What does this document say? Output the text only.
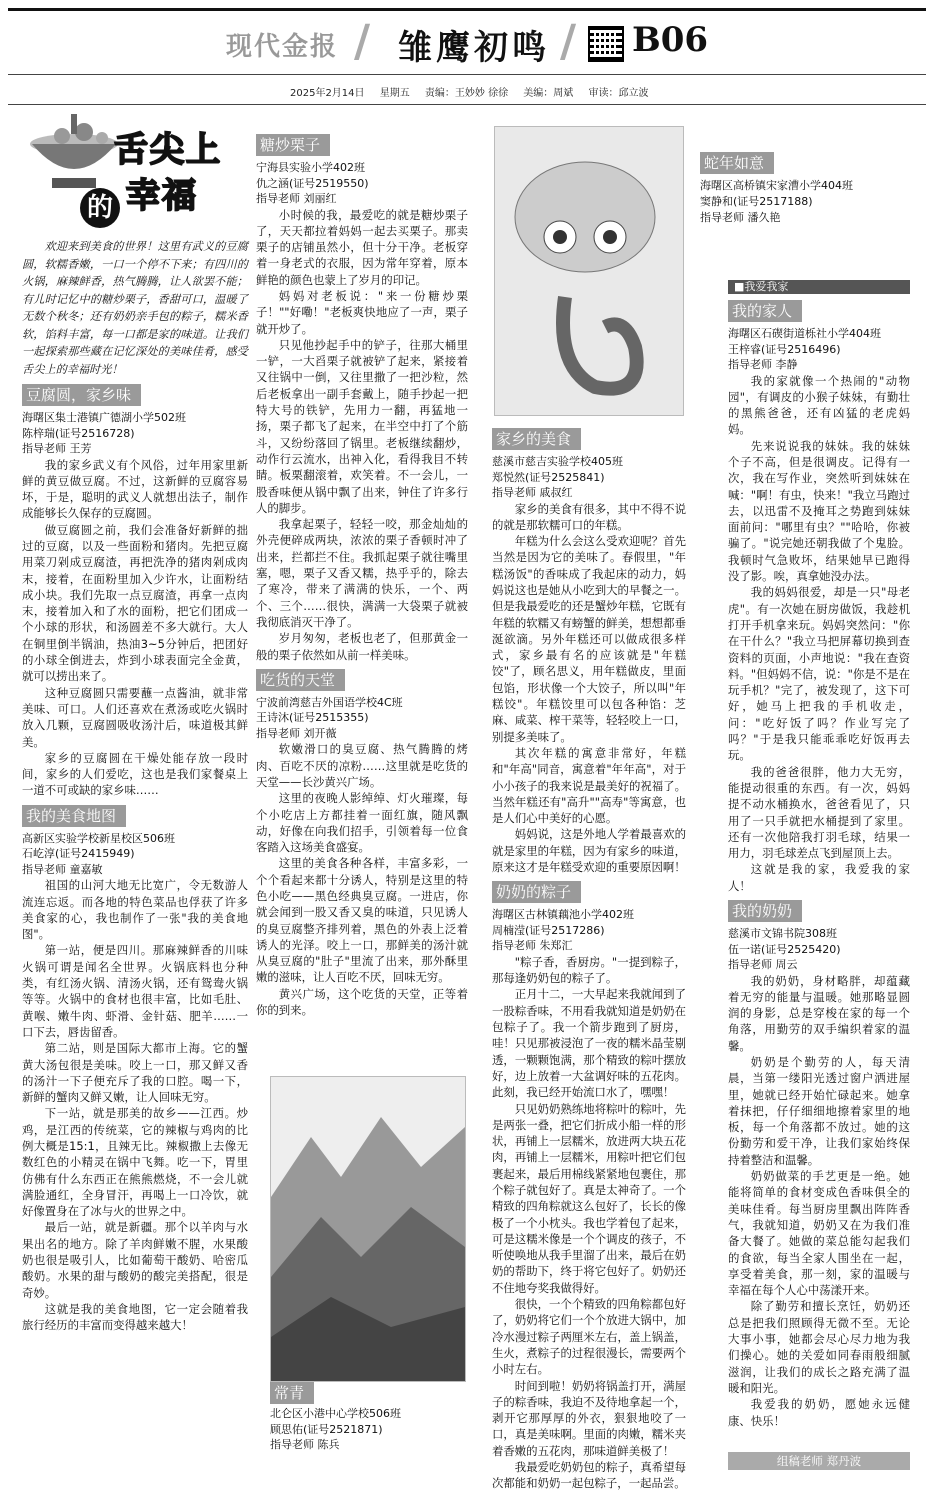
现代金报 / 雏鹰初鸣 / B06
2025年2月14日 星期五 责编：王妙妙 徐徐 美编：周斌 审读：邱立波
舌尖上
的 幸福

欢迎来到美食的世界！这里有武义的豆腐圆，软糯香嫩，一口一个停不下来；有四川的火锅，麻辣鲜香，热气腾腾，让人欲罢不能；有儿时记忆中的糖炒栗子，香甜可口，温暖了无数个秋冬；还有奶奶亲手包的粽子，糯米香软，馅料丰富，每一口都是家的味道。让我们一起探索那些藏在记忆深处的美味佳肴，感受舌尖上的幸福时光！

豆腐圆，家乡味
海曙区集士港镇广德湖小学502班
陈梓瑞(证号2516728)
指导老师 王芳

我的家乡武义有个风俗，过年用家里新鲜的黄豆做豆腐。不过，这新鲜的豆腐容易坏，于是，聪明的武义人就想出法子，制作成能够长久保存的豆腐圆。

做豆腐圆之前，我们会准备好新鲜的拙过的豆腐，以及一些面粉和猪肉。先把豆腐用菜刀剁成豆腐渣，再把洗净的猪肉剁成肉末，接着，在面粉里加入少许水，让面粉结成小块。我们先取一点豆腐渣，再拿一点肉末，接着加入和了水的面粉，把它们团成一个小球的形状，和汤圆差不多大就行。大人在铜里倒半锅油，热油3~5分钟后，把团好的小球全倒进去，炸到小球表面完全金黄，就可以捞出来了。

这种豆腐圆只需要蘸一点酱油，就非常美味、可口。人们还喜欢在煮汤或吃火锅时放入几颗，豆腐圆吸收汤汁后，味道极其鲜美。

家乡的豆腐圆在干燥处能存放一段时间，家乡的人们爱吃，这也是我们家餐桌上一道不可或缺的家乡味……

我的美食地图
高新区实验学校新星校区506班
石屹淳(证号2415949)
指导老师 童嘉敏

祖国的山河大地无比宽广，令无数游人流连忘返。而各地的特色菜品也俘获了许多美食家的心，我也制作了一张"我的美食地图"。

第一站，便是四川。那麻辣鲜香的川味火锅可谓是闻名全世界。火锅底料也分种类，有红汤火锅、清汤火锅，还有鸳鸯火锅等等。火锅中的食材也很丰富，比如毛肚、黄喉、嫩牛肉、虾滑、金针菇、肥羊……一口下去，唇齿留香。

第二站，则是国际大都市上海。它的蟹黄大汤包很是美味。咬上一口，那又鲜又香的汤汁一下子便充斥了我的口腔。喝一下，新鲜的蟹肉又鲜又嫩，让人回味无穷。

下一站，就是那美的故乡——江西。炒鸡，是江西的传统菜，它的辣椒与鸡肉的比例大概是15:1，且辣无比。辣椒撒上去像无数红色的小精灵在锅中飞舞。吃一下，胃里仿佛有什么东西正在熊熊燃烧，不一会儿就满脸通红，全身冒汗，再喝上一口冷饮，就好像置身在了冰与火的世界之中。

最后一站，就是新疆。那个以羊肉与水果出名的地方。除了羊肉鲜嫩不腥，水果酸奶也很是吸引人，比如葡萄干酸奶、哈密瓜酸奶。水果的甜与酸奶的酸完美搭配，很是奇妙。

这就是我的美食地图，它一定会随着我旅行经历的丰富而变得越来越大！

糖炒栗子
宁海县实验小学402班
仇之涵(证号2519550)
指导老师 刘丽红

小时候的我，最爱吃的就是糖炒栗子了，天天都拉着妈妈一起去买栗子。那卖栗子的店铺虽然小，但十分干净。老板穿着一身老式的衣服，因为常年穿着，原本鲜艳的颜色也蒙上了岁月的印记。

妈妈对老板说："来一份糖炒栗子！""好嘞！"老板爽快地应了一声，栗子就开炒了。

只见他抄起手中的铲子，往那大桶里一铲，一大舀栗子就被铲了起来，紧接着又往锅中一倒，又往里撒了一把沙粒，然后老板拿出一副手套戴上，随手抄起一把特大号的铁铲，先用力一翻，再猛地一扬，栗子都飞了起来，在半空中打了个筋斗，又纷纷落回了锅里。老板继续翻炒，动作行云流水，出神入化，看得我目不转睛。板栗翻滚着，欢笑着。不一会儿，一股香味便从锅中飘了出来，钟住了许多行人的脚步。

我拿起栗子，轻轻一咬，那金灿灿的外壳便碎成两块，浓浓的栗子香顿时冲了出来，拦都拦不住。我抓起栗子就往嘴里塞，嗯，栗子又香又糯，热乎乎的，除去了寒冷，带来了满满的快乐，一个、两个、三个……很快，满满一大袋栗子就被我彻底消灭干净了。

岁月匆匆，老板也老了，但那黄金一般的栗子依然如从前一样美味。

吃货的天堂
宁波前湾慈吉外国语学校4C班
王诗沐(证号2515355)
指导老师 刘开薇

软嫩滑口的臭豆腐、热气腾腾的烤肉、百吃不厌的凉粉……这里就是吃货的天堂——长沙黄兴广场。

这里的夜晚人影绰绰、灯火璀璨，每个小吃店上方都挂着一面红旗，随风飘动，好像在向我们招手，引领着每一位食客踏入这场美食盛宴。

这里的美食各种各样，丰富多彩，一个个看起来都十分诱人，特别是这里的特色小吃——黑色经典臭豆腐。一进店，你就会闻到一股又香又臭的味道，只见诱人的臭豆腐整齐排列着，黑色的外表上泛着诱人的光泽。咬上一口，那鲜美的汤汁就从臭豆腐的"肚子"里流了出来，那外酥里嫩的滋味，让人百吃不厌，回味无穷。

黄兴广场，这个吃货的天堂，正等着你的到来。

常青
北仑区小港中心学校506班
顾思佑(证号2521871)
指导老师 陈兵
家乡的美食
慈溪市慈吉实验学校405班
郑悦然(证号2525841)
指导老师 戚叔红

家乡的美食有很多，其中不得不说的就是那软糯可口的年糕。

年糕为什么会这么受欢迎呢？首先当然是因为它的美味了。春假里，"年糕汤饭"的香味成了我起床的动力，妈妈说这也是她从小吃到大的早餐之一。但是我最爱吃的还是蟹炒年糕，它既有年糕的软糯又有螃蟹的鲜美，想想都垂涎欲滴。另外年糕还可以做成很多样式，家乡最有名的应该就是"年糕饺"了，顾名思义，用年糕做皮，里面包馅，形状像一个大饺子，所以叫"年糕饺"。年糕饺里可以包各种馅：芝麻、咸菜、榨干菜等，轻轻咬上一口，别提多美味了。

其次年糕的寓意非常好，年糕和"年高"同音，寓意着"年年高"，对于小小孩子的我来说是最美好的祝福了。当然年糕还有"高升""高寿"等寓意，也是人们心中美好的心愿。

妈妈说，这是外地人学着最喜欢的就是家里的年糕，因为有家乡的味道，原来这才是年糕受欢迎的重要原因啊！

奶奶的粽子
海曙区古林镇藕池小学402班
周楠滢(证号2517286)
指导老师 朱郑汇

"粽子香，香厨房。"一提到粽子，那每逢奶奶包的粽子了。

正月十二，一大早起来我就闻到了一股粽香味，不用看我就知道是奶奶在包粽子了。我一个箭步跑到了厨房，哇！只见那被浸泡了一夜的糯米晶莹剔透，一颗颗饱满，那个精致的粽叶摆放好，边上放着一大盆调好味的五花肉。此刻，我已经开始流口水了，嘿嘿！

只见奶奶熟练地将粽叶的粽叶，先是两张一叠，把它们折成小船一样的形状，再铺上一层糯米，放进两大块五花肉，再铺上一层糯米，用粽叶把它们包裹起来，最后用棉线紧紧地包裹住，那个粽子就包好了。真是太神奇了。一个精致的四角粽就这么包好了，长长的像极了一个小枕头。我也学着包了起来，可是这糯米像是一个个调皮的孩子，不听使唤地从我手里溜了出来，最后在奶奶的帮助下，终于将它包好了。奶奶还不住地夸奖我做得好。

很快，一个个精致的四角粽都包好了，奶奶将它们一个个放进大锅中，加冷水漫过粽子两厘米左右，盖上锅盖，生火，煮粽子的过程很漫长，需要两个小时左右。

时间到啦！奶奶将锅盖打开，满屋子的粽香味，我迫不及待地拿起一个，剥开它那厚厚的外衣，狠狠地咬了一口，真是美味啊。里面的肉嫩，糯米夹着香嫩的五花肉，那味道鲜美极了！

我最爱吃奶奶包的粽子，真希望每次都能和奶奶一起包粽子，一起品尝。

蛇年如意
海曙区高桥镇宋家漕小学404班
窦静和(证号2517188)
指导老师 潘久艳
■我爱我家
我的家人
海曙区石碶街道栎社小学404班
王梓睿(证号2516496)
指导老师 李静

我的家就像一个热闹的"动物园"，有调皮的小猴子妹妹，有勤壮的黑熊爸爸，还有凶猛的老虎妈妈。

先来说说我的妹妹。我的妹妹个子不高，但是很调皮。记得有一次，我在写作业，突然听到妹妹在喊："啊！有虫，快来！"我立马跑过去，以迅雷不及掩耳之势跑到妹妹面前问："哪里有虫？""哈哈，你被骗了。"说完她还朝我做了个鬼脸。我顿时气急败坏，结果她早已跑得没了影。唉，真拿她没办法。

我的妈妈很爱，却是一只"母老虎"。有一次她在厨房做饭，我趁机打开手机拿来玩。妈妈突然问："你在干什么？"我立马把屏幕切换到查资料的页面，小声地说："我在查资料。"但妈妈不信，说："你是不是在玩手机？"完了，被发现了，这下可好，她马上把我的手机收走，问："吃好饭了吗？作业写完了吗？"于是我只能乖乖吃好饭再去玩。

我的爸爸很胖，他力大无穷，能提动很重的东西。有一次，妈妈提不动水桶换水，爸爸看见了，只用了一只手就把水桶提到了家里。还有一次他陪我打羽毛球，结果一用力，羽毛球差点飞到屋顶上去。

这就是我的家，我爱我的家人！

我的奶奶
慈溪市文锦书院308班
伍一诺(证号2525420)
指导老师 周云

我的奶奶，身材略胖，却蕴藏着无穷的能量与温暖。她那略显圆润的身影，总是穿梭在家的每一个角落，用勤劳的双手编织着家的温馨。

奶奶是个勤劳的人，每天清晨，当第一缕阳光透过窗户洒进屋里，她就已经开始忙碌起来。她拿着抹把，仔仔细细地擦着家里的地板，每一个角落都不放过。她的这份勤劳和爱干净，让我们家始终保持着整洁和温馨。

奶奶做菜的手艺更是一绝。她能将简单的食材变成色香味俱全的美味佳肴。每当厨房里飘出阵阵香气，我就知道，奶奶又在为我们准备大餐了。她做的菜总能勾起我们的食欲，每当全家人围坐在一起，享受着美食，那一刻，家的温暖与幸福在每个人心中荡漾开来。

除了勤劳和擅长烹饪，奶奶还总是把我们照顾得无微不至。无论大事小事，她都会尽心尽力地为我们操心。她的关爱如同春雨般细腻滋润，让我们的成长之路充满了温暖和阳光。

我爱我的奶奶，愿她永远健康、快乐！

组稿老师 郑丹波
